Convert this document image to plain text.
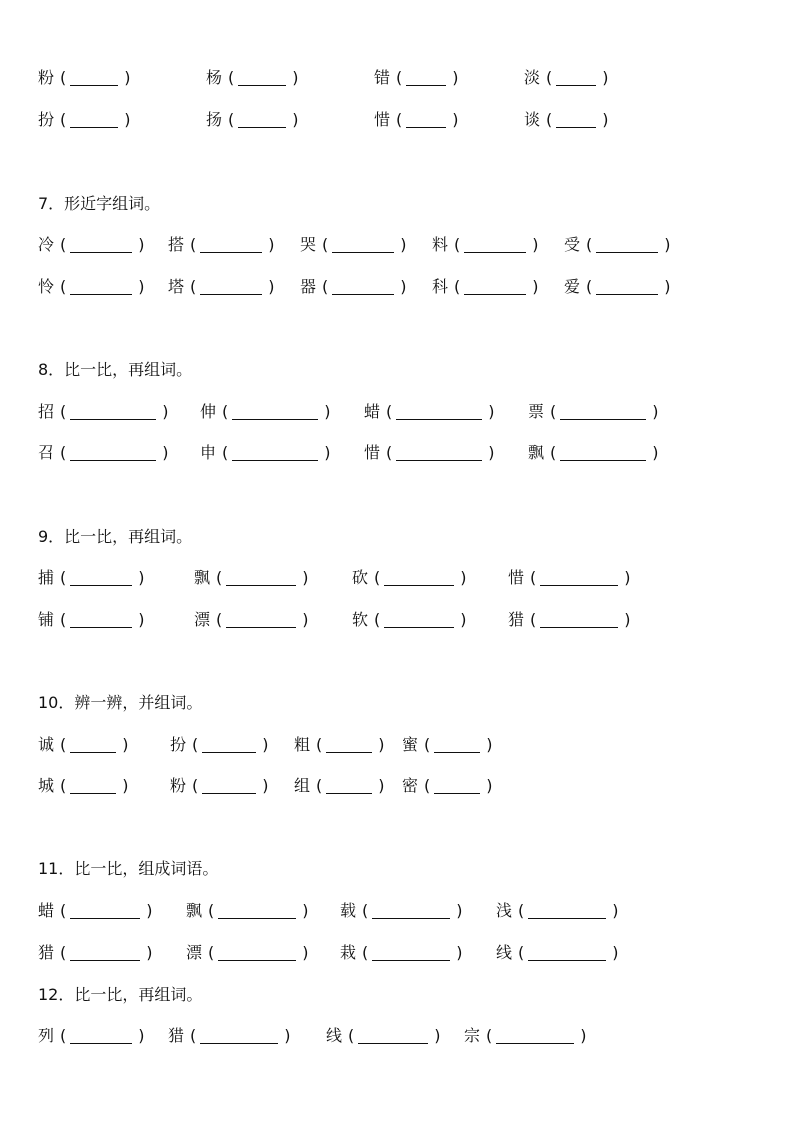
粉 (	)	杨 (	)	错 (	)	淡 (	)
扮 (	)	扬 (	)	惜 (	)	谈 (	)
7．形近字组词。
冷 (	) 搭 (	) 哭 (	) 料 (	) 受 (	)
怜 (	) 塔 (	) 器 (	) 科 (	) 爱 (	)
8．比一比，再组词。
招 (	) 伸 (	) 蜡 (	) 票 (	)
召 (	) 申 (	) 惜 (	) 飘 (	)
9．比一比，再组词。
捕 (	)	飘 (	)	砍 (	)	惜 (	)
铺 (	)	漂 (	)	软 (	)	猎 (	)
10．辨一辨，并组词。
诚 (	)	扮 (	) 粗 (	) 蜜 (	)
城 (	)	粉 (	) 组 (	) 密 (	)
11．比一比，组成词语。
蜡 (	) 飘 (	) 载 (	) 浅 (	)
猎 (	) 漂 (	) 栽 (	) 线 (	)
12．比一比，再组词。
列 (	) 猎 (	) 线 (	) 宗 (	)
